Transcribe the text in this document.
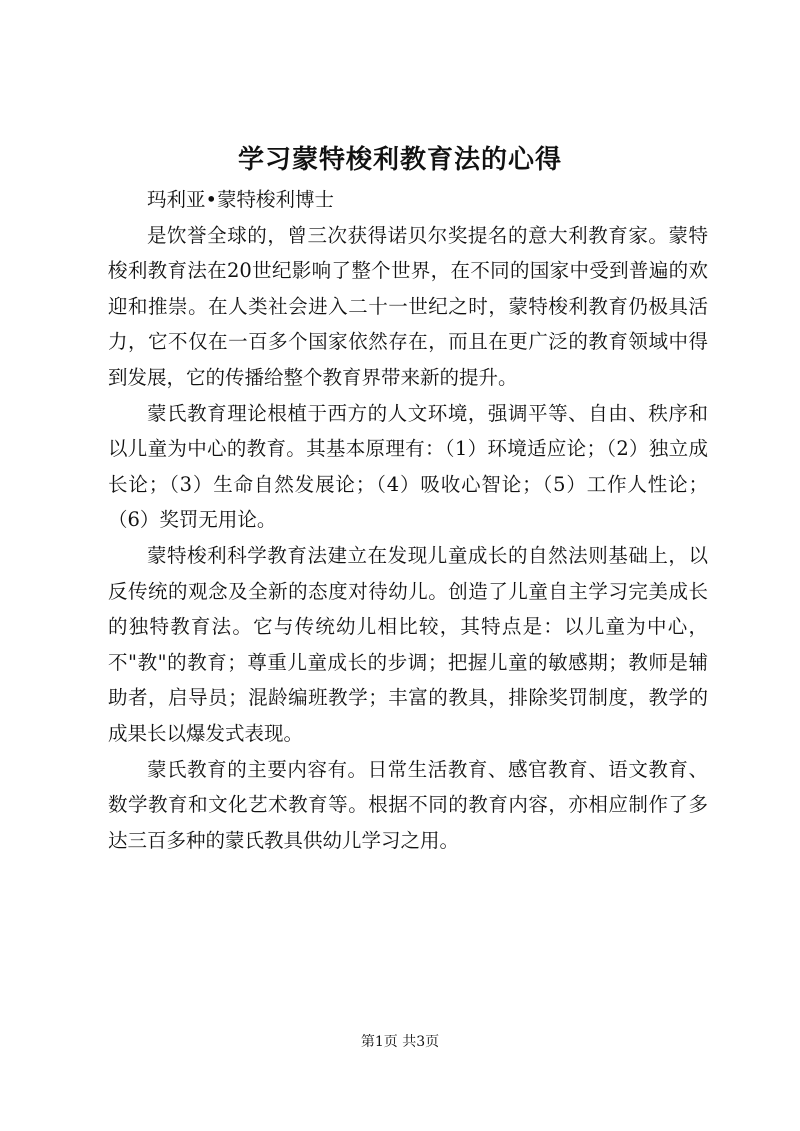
学习蒙特梭利教育法的心得

玛利亚•蒙特梭利博士

是饮誉全球的，曾三次获得诺贝尔奖提名的意大利教育家。蒙特梭利教育法在20世纪影响了整个世界，在不同的国家中受到普遍的欢迎和推崇。在人类社会进入二十一世纪之时，蒙特梭利教育仍极具活力，它不仅在一百多个国家依然存在，而且在更广泛的教育领域中得到发展，它的传播给整个教育界带来新的提升。

蒙氏教育理论根植于西方的人文环境，强调平等、自由、秩序和以儿童为中心的教育。其基本原理有：（1）环境适应论；（2）独立成长论；（3）生命自然发展论；（4）吸收心智论；（5）工作人性论；（6）奖罚无用论。

蒙特梭利科学教育法建立在发现儿童成长的自然法则基础上，以反传统的观念及全新的态度对待幼儿。创造了儿童自主学习完美成长的独特教育法。它与传统幼儿相比较，其特点是：以儿童为中心，不"教"的教育；尊重儿童成长的步调；把握儿童的敏感期；教师是辅助者，启导员；混龄编班教学；丰富的教具，排除奖罚制度，教学的成果长以爆发式表现。

蒙氏教育的主要内容有。日常生活教育、感官教育、语文教育、数学教育和文化艺术教育等。根据不同的教育内容，亦相应制作了多达三百多种的蒙氏教具供幼儿学习之用。

第1页 共3页
